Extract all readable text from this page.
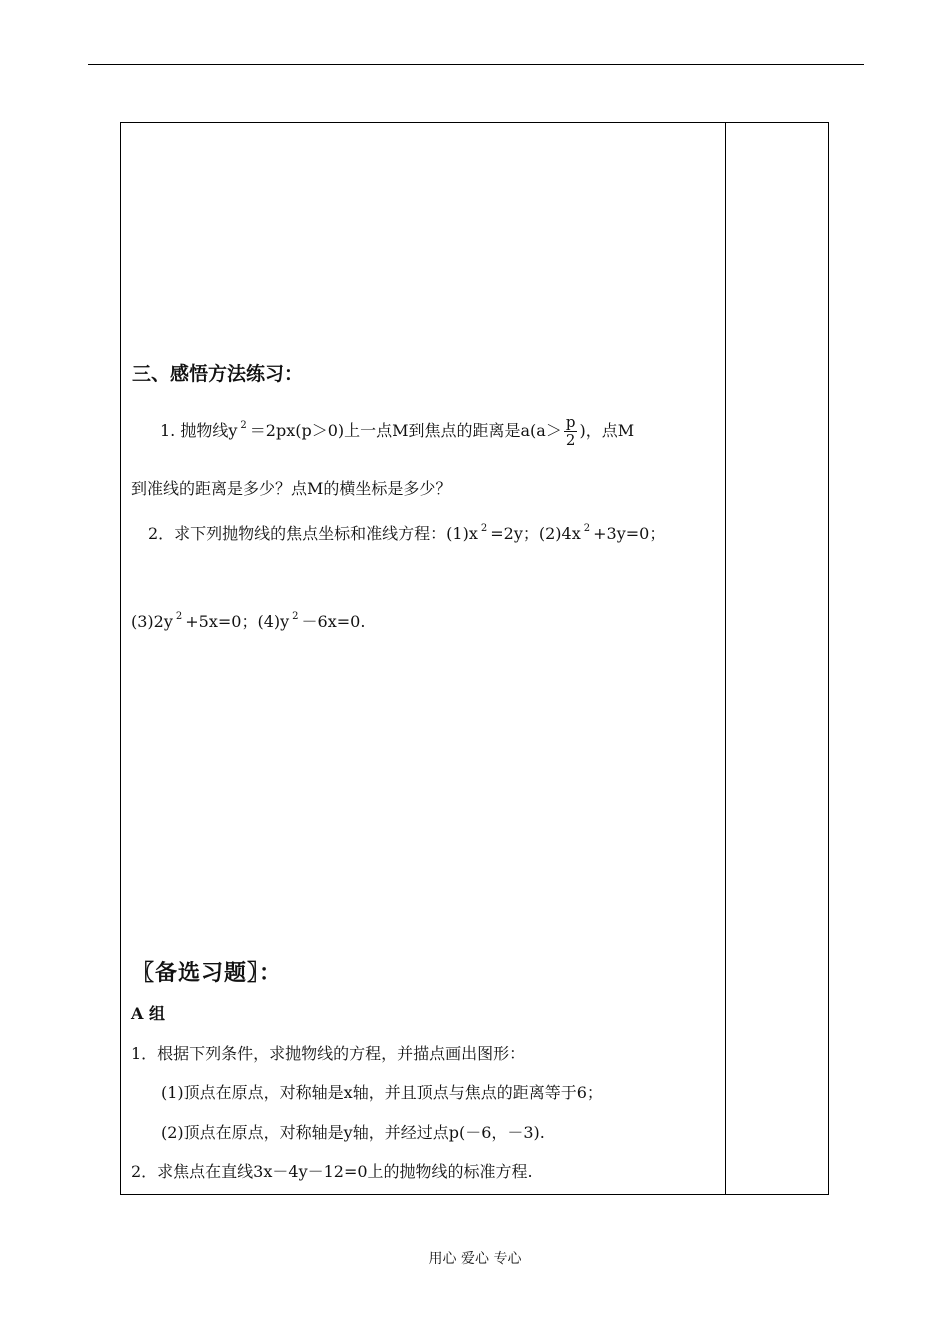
三、感悟方法练习：
1. 抛物线y $^2$ ＝2px(p＞0)上一点M到焦点的距离是$a(a> \frac{p}{2}$ )，点M
到准线的距离是多少？点M的横坐标是多少？
2．求下列抛物线的焦点坐标和准线方程：(1)x $^2$ =2y；(2)4x $^2$ +3y=0；
(3)2y $^2$ +5x=0；(4)y $^2$ －6x=0.
〖备选习题〗：
A 组
1．根据下列条件，求抛物线的方程，并描点画出图形：
(1)顶点在原点，对称轴是x轴，并且顶点与焦点的距离等于6；
(2)顶点在原点，对称轴是y轴，并经过点p(－6，－3).
2．求焦点在直线3x－4y－12=0上的抛物线的标准方程.
用心 爱心 专心
